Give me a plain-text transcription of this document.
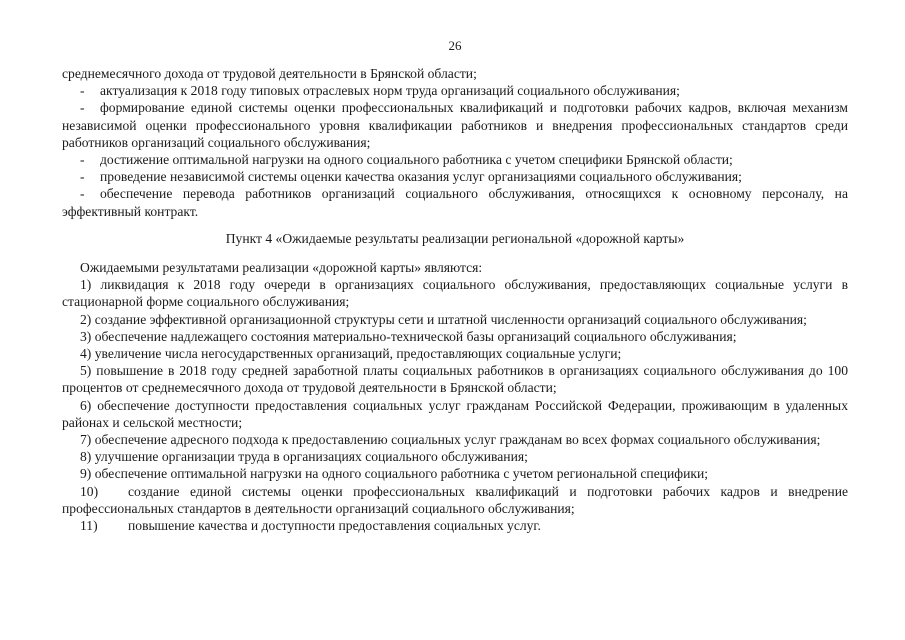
26

среднемесячного дохода от трудовой деятельности в Брянской области;

- актуализация к 2018 году типовых отраслевых норм труда организаций социального обслуживания;

- формирование единой системы оценки профессиональных квалификаций и подготовки рабочих кадров, включая механизм независимой оценки профессионального уровня квалификации работников и внедрения профессиональных стандартов среди работников организаций социального обслуживания;

- достижение оптимальной нагрузки на одного социального работника с учетом специфики Брянской области;

- проведение независимой системы оценки качества оказания услуг организациями социального обслуживания;

- обеспечение перевода работников организаций социального обслуживания, относящихся к основному персоналу, на эффективный контракт.

Пункт 4 «Ожидаемые результаты реализации региональной «дорожной карты»

Ожидаемыми результатами реализации «дорожной карты» являются:

1) ликвидация к 2018 году очереди в организациях социального обслуживания, предоставляющих социальные услуги в стационарной форме социального обслуживания;

2) создание эффективной организационной структуры сети и штатной численности организаций социального обслуживания;

3) обеспечение надлежащего состояния материально-технической базы организаций социального обслуживания;

4) увеличение числа негосударственных организаций, предоставляющих социальные услуги;

5) повышение в 2018 году средней заработной платы социальных работников в организациях социального обслуживания до 100 процентов от среднемесячного дохода от трудовой деятельности в Брянской области;

6) обеспечение доступности предоставления социальных услуг гражданам Российской Федерации, проживающим в удаленных районах и сельской местности;

7) обеспечение адресного подхода к предоставлению социальных услуг гражданам во всех формах социального обслуживания;

8) улучшение организации труда в организациях социального обслуживания;

9) обеспечение оптимальной нагрузки на одного социального работника с учетом региональной специфики;

10) создание единой системы оценки профессиональных квалификаций и подготовки рабочих кадров и внедрение профессиональных стандартов в деятельности организаций социального обслуживания;

11) повышение качества и доступности предоставления социальных услуг.
